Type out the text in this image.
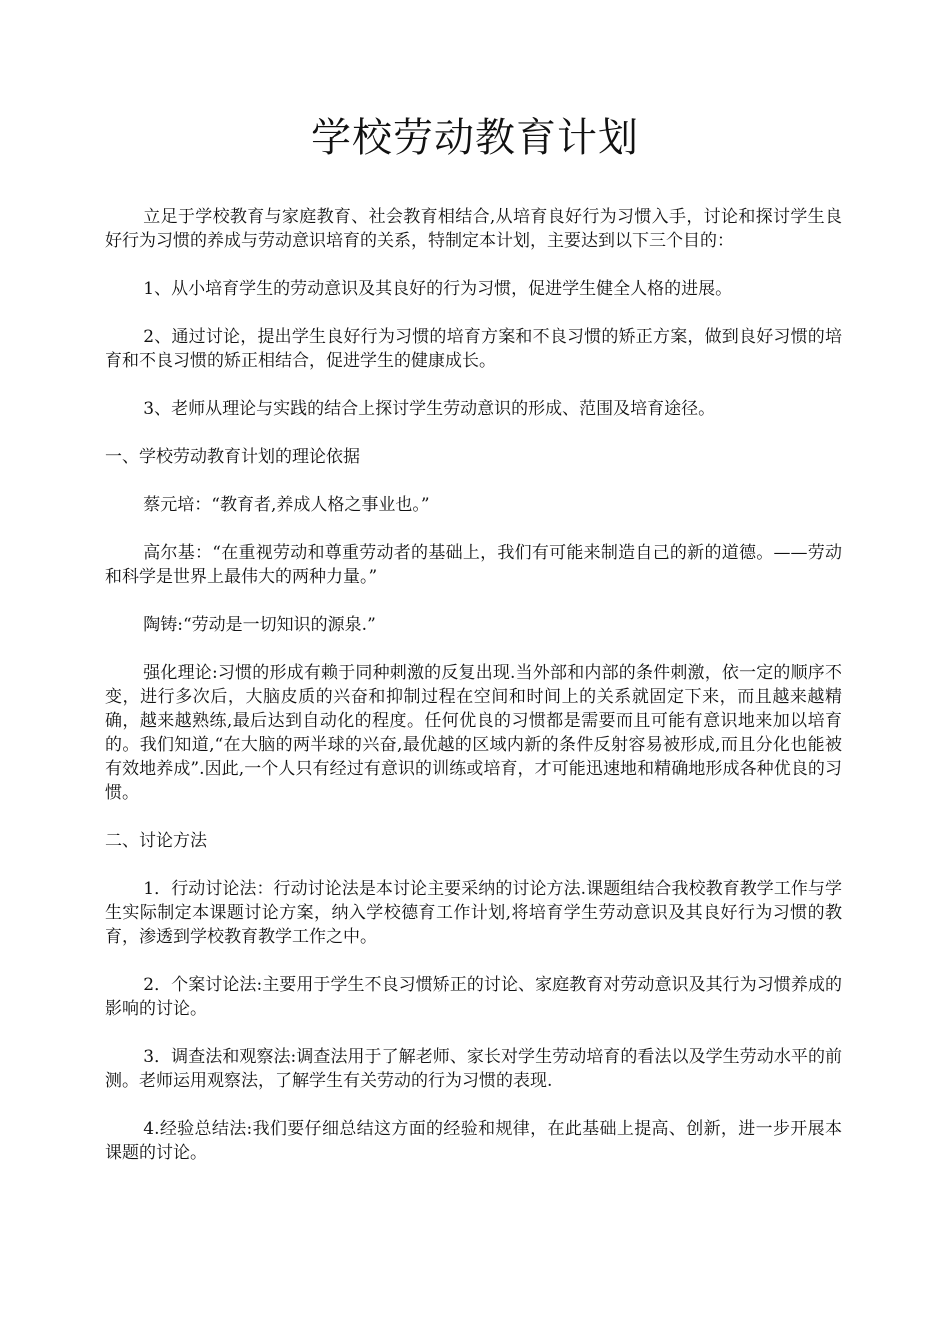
学校劳动教育计划

立足于学校教育与家庭教育、社会教育相结合,从培育良好行为习惯入手，讨论和探讨学生良好行为习惯的养成与劳动意识培育的关系，特制定本计划，主要达到以下三个目的：

1、从小培育学生的劳动意识及其良好的行为习惯，促进学生健全人格的进展。

2、通过讨论，提出学生良好行为习惯的培育方案和不良习惯的矫正方案，做到良好习惯的培育和不良习惯的矫正相结合，促进学生的健康成长。

3、老师从理论与实践的结合上探讨学生劳动意识的形成、范围及培育途径。

一、学校劳动教育计划的理论依据

蔡元培：“教育者,养成人格之事业也。”

高尔基：“在重视劳动和尊重劳动者的基础上，我们有可能来制造自己的新的道德。——劳动和科学是世界上最伟大的两种力量。”

陶铸:“劳动是一切知识的源泉.”

强化理论:习惯的形成有赖于同种刺激的反复出现.当外部和内部的条件刺激，依一定的顺序不变，进行多次后，大脑皮质的兴奋和抑制过程在空间和时间上的关系就固定下来，而且越来越精确，越来越熟练,最后达到自动化的程度。任何优良的习惯都是需要而且可能有意识地来加以培育的。我们知道,“在大脑的两半球的兴奋,最优越的区域内新的条件反射容易被形成,而且分化也能被有效地养成”.因此,一个人只有经过有意识的训练或培育，才可能迅速地和精确地形成各种优良的习惯。

二、讨论方法

1．行动讨论法：行动讨论法是本讨论主要采纳的讨论方法.课题组结合我校教育教学工作与学生实际制定本课题讨论方案，纳入学校德育工作计划,将培育学生劳动意识及其良好行为习惯的教育，渗透到学校教育教学工作之中。

2．个案讨论法:主要用于学生不良习惯矫正的讨论、家庭教育对劳动意识及其行为习惯养成的影响的讨论。

3．调查法和观察法:调查法用于了解老师、家长对学生劳动培育的看法以及学生劳动水平的前测。老师运用观察法，了解学生有关劳动的行为习惯的表现.

4.经验总结法:我们要仔细总结这方面的经验和规律，在此基础上提高、创新，进一步开展本课题的讨论。
